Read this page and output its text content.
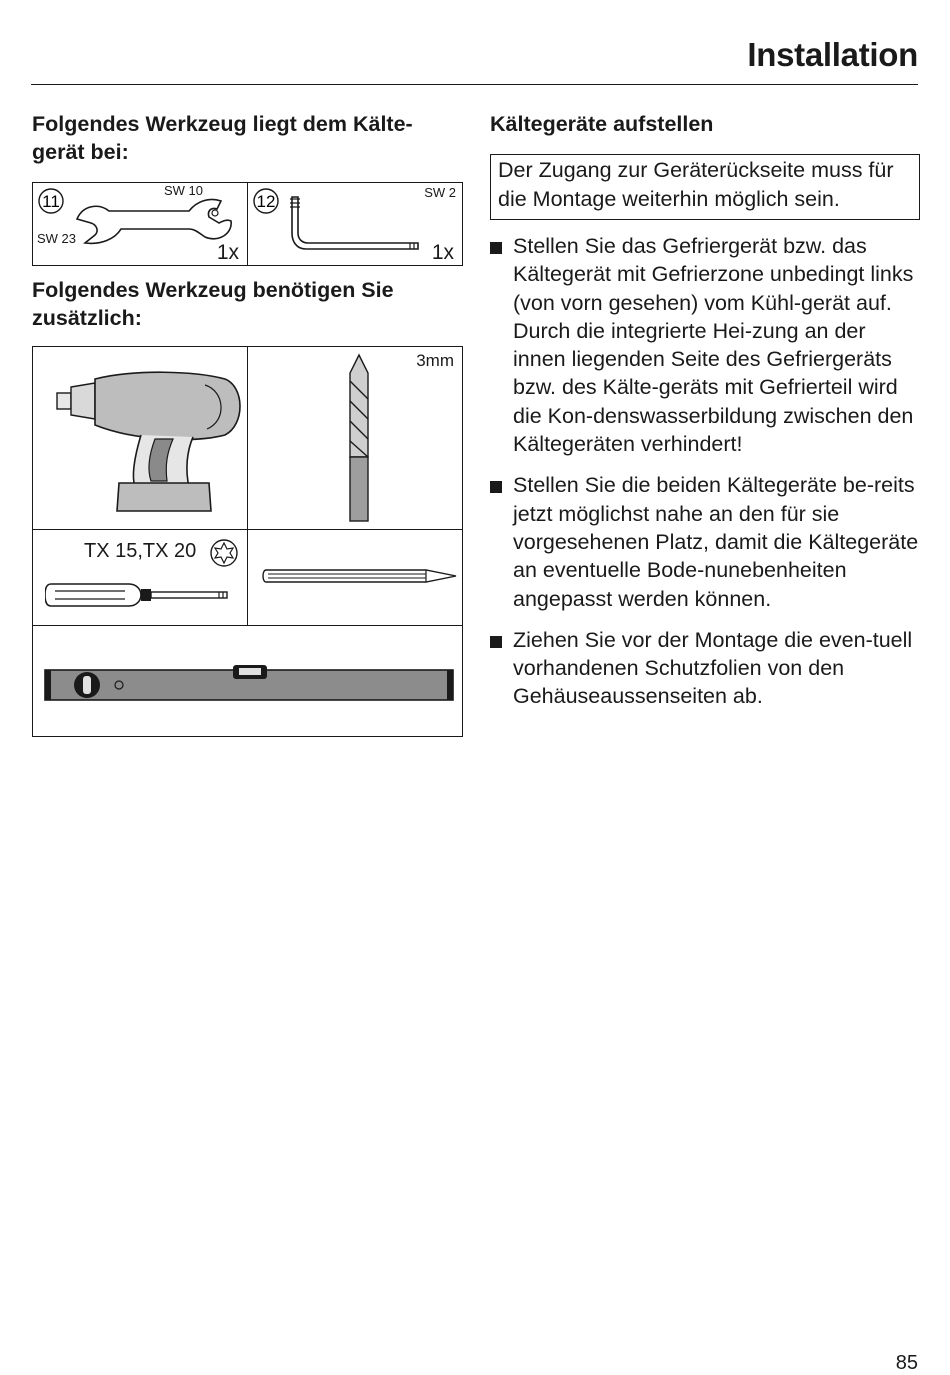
Installation
Folgendes Werkzeug liegt dem Kälte-
gerät bei:
11
SW 10
SW 23
1x
12	SW 2
1x
Folgendes Werkzeug benötigen Sie
zusätzlich:
3mm
TX 15,TX 20
Kältegeräte aufstellen
Der Zugang zur Geräterückseite muss für die Montage weiterhin möglich sein.
Stellen Sie das Gefriergerät bzw. das Kältegerät mit Gefrierzone unbedingt links (von vorn gesehen) vom Kühl-gerät auf. Durch die integrierte Hei-zung an der innen liegenden Seite des Gefriergeräts bzw. des Kälte-geräts mit Gefrierteil wird die Kon-denswasserbildung zwischen den Kältegeräten verhindert!
Stellen Sie die beiden Kältegeräte be-reits jetzt möglichst nahe an den für sie vorgesehenen Platz, damit die Kältegeräte an eventuelle Bode-nunebenheiten angepasst werden können.
Ziehen Sie vor der Montage die even-tuell vorhandenen Schutzfolien von den Gehäuseaussenseiten ab.
85
